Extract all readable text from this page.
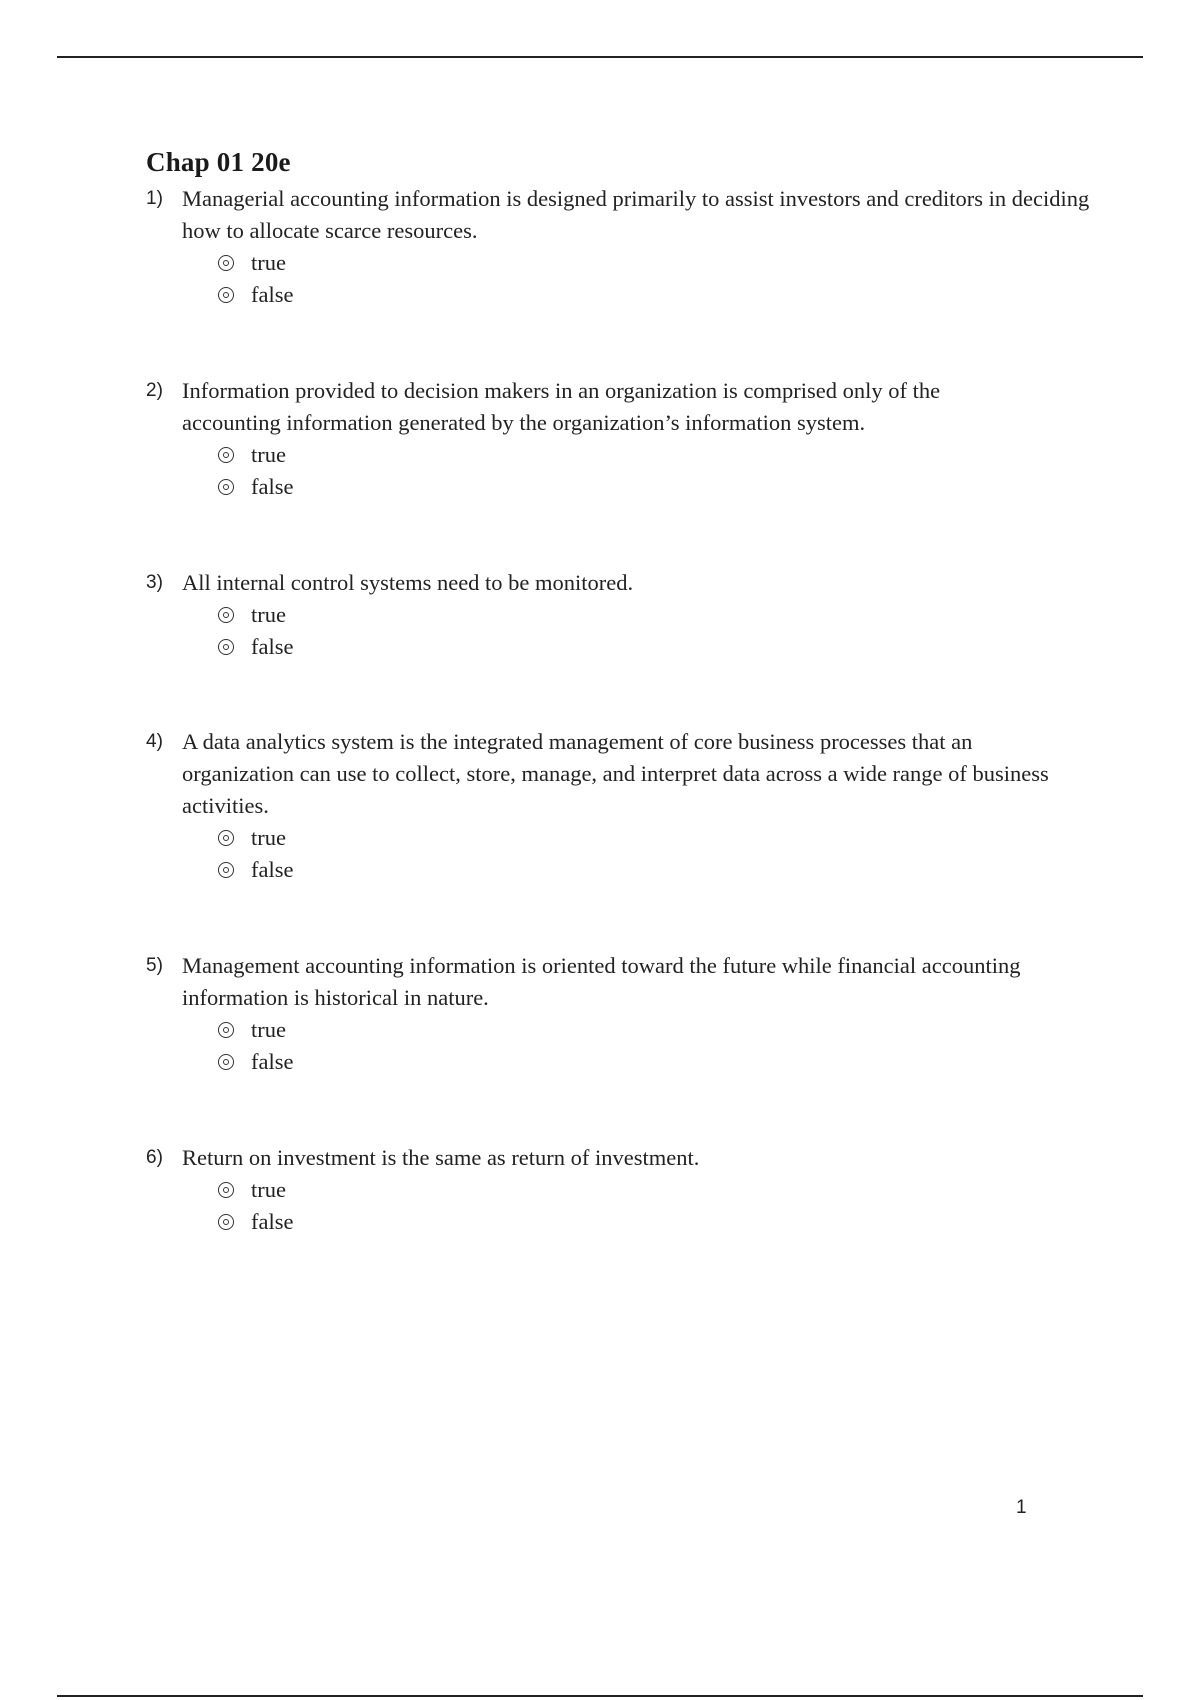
Chap 01 20e
1) Managerial accounting information is designed primarily to assist investors and creditors in deciding how to allocate scarce resources.
true
false
2) Information provided to decision makers in an organization is comprised only of the accounting information generated by the organization’s information system.
true
false
3) All internal control systems need to be monitored.
true
false
4) A data analytics system is the integrated management of core business processes that an organization can use to collect, store, manage, and interpret data across a wide range of business activities.
true
false
5) Management accounting information is oriented toward the future while financial accounting information is historical in nature.
true
false
6) Return on investment is the same as return of investment.
true
false
1
